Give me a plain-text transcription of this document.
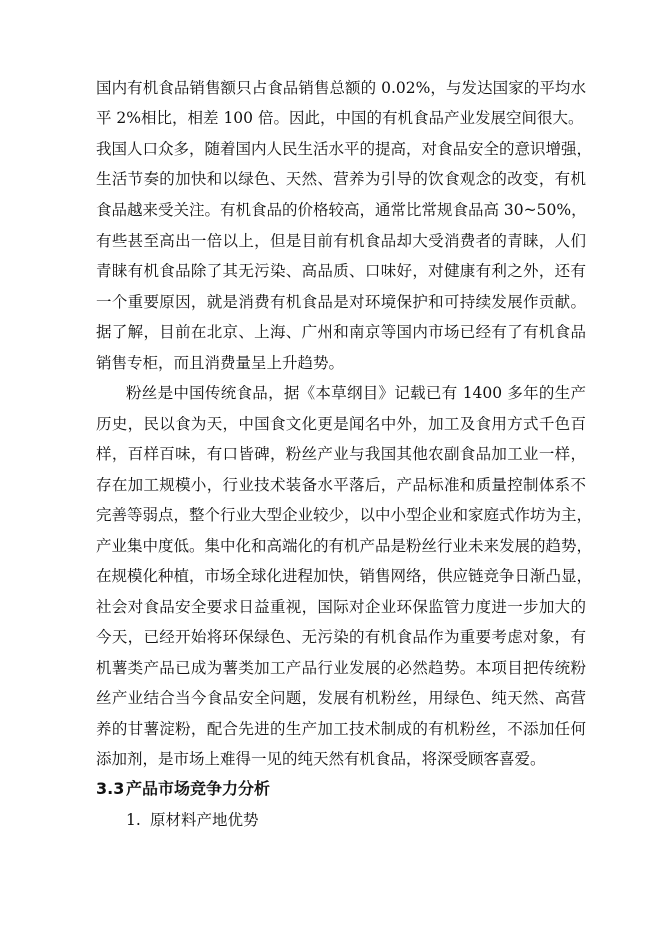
国内有机食品销售额只占食品销售总额的 0.02%，与发达国家的平均水
平 2%相比，相差 100 倍。因此，中国的有机食品产业发展空间很大。
我国人口众多，随着国内人民生活水平的提高，对食品安全的意识增强，
生活节奏的加快和以绿色、天然、营养为引导的饮食观念的改变，有机
食品越来受关注。有机食品的价格较高，通常比常规食品高 30~50%，
有些甚至高出一倍以上，但是目前有机食品却大受消费者的青睐，人们
青睐有机食品除了其无污染、高品质、口味好，对健康有利之外，还有
一个重要原因，就是消费有机食品是对环境保护和可持续发展作贡献。
据了解，目前在北京、上海、广州和南京等国内市场已经有了有机食品
销售专柜，而且消费量呈上升趋势。
粉丝是中国传统食品，据《本草纲目》记载已有 1400 多年的生产
历史，民以食为天，中国食文化更是闻名中外，加工及食用方式千色百
样，百样百味，有口皆碑，粉丝产业与我国其他农副食品加工业一样，
存在加工规模小，行业技术装备水平落后，产品标准和质量控制体系不
完善等弱点，整个行业大型企业较少，以中小型企业和家庭式作坊为主，
产业集中度低。集中化和高端化的有机产品是粉丝行业未来发展的趋势，
在规模化种植，市场全球化进程加快，销售网络，供应链竞争日渐凸显，
社会对食品安全要求日益重视，国际对企业环保监管力度进一步加大的
今天，已经开始将环保绿色、无污染的有机食品作为重要考虑对象，有
机薯类产品已成为薯类加工产品行业发展的必然趋势。本项目把传统粉
丝产业结合当今食品安全问题，发展有机粉丝，用绿色、纯天然、高营
养的甘薯淀粉，配合先进的生产加工技术制成的有机粉丝，不添加任何
添加剂，是市场上难得一见的纯天然有机食品，将深受顾客喜爱。
3.3 产品市场竞争力分析
1. 原材料产地优势
